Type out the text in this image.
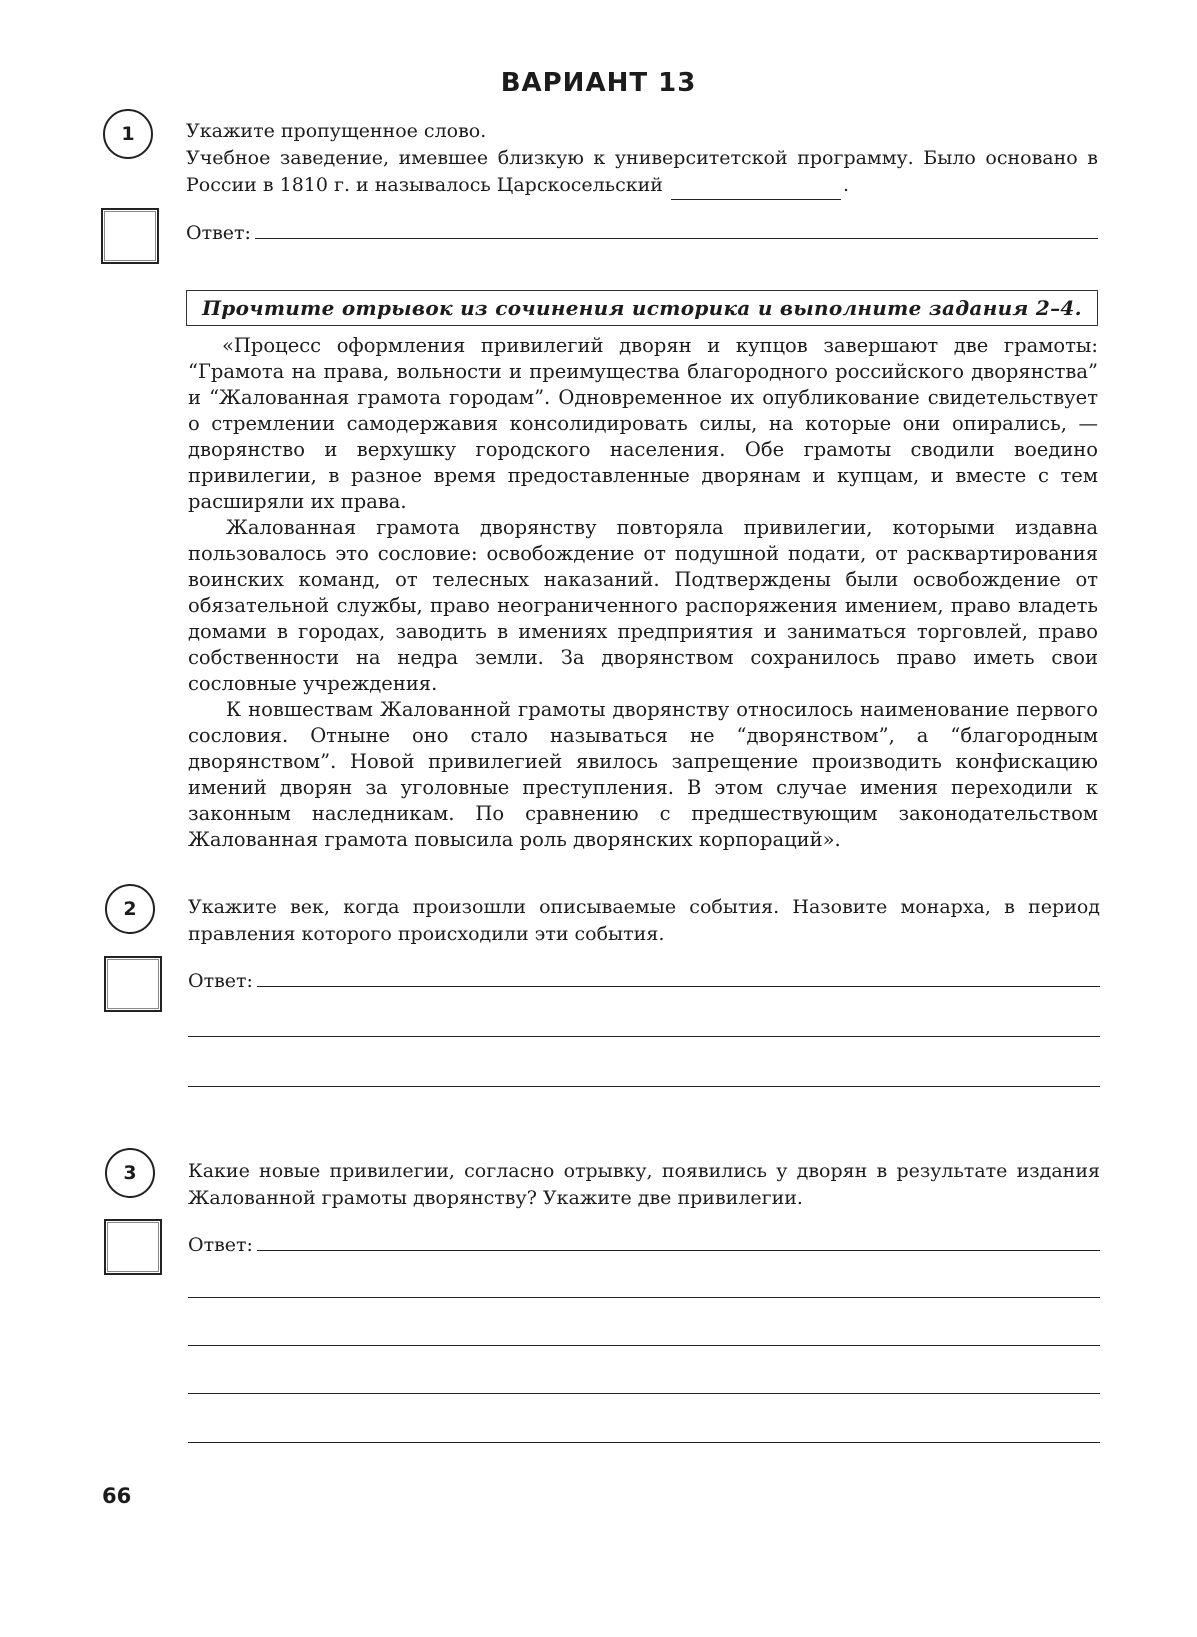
ВАРИАНТ 13
1	Укажите пропущенное слово.
Учебное заведение, имевшее близкую к университетской программу. Было основано в России в 1810 г. и называлось Царскосельский	.
Ответ:
Прочтите отрывок из сочинения историка и выполните задания 2–4.

«Процесс оформления привилегий дворян и купцов завершают две грамоты: “Грамота на права, вольности и преимущества благородного российского дворянства” и “Жалованная грамота городам”. Одновременное их опубликование свидетельствует о стремлении самодержавия консолидировать силы, на которые они опирались, — дворянство и верхушку городского населения. Обе грамоты сводили воедино привилегии, в разное время предоставленные дворянам и купцам, и вместе с тем расширяли их права.

Жалованная грамота дворянству повторяла привилегии, которыми издавна пользовалось это сословие: освобождение от подушной подати, от расквартирования воинских команд, от телесных наказаний. Подтверждены были освобождение от обязательной службы, право неограниченного распоряжения имением, право владеть домами в городах, заводить в имениях предприятия и заниматься торговлей, право собственности на недра земли. За дворянством сохранилось право иметь свои сословные учреждения.

К новшествам Жалованной грамоты дворянству относилось наименование первого сословия. Отныне оно стало называться не “дворянством”, а “благородным дворянством”. Новой привилегией явилось запрещение производить конфискацию имений дворян за уголовные преступления. В этом случае имения переходили к законным наследникам. По сравнению с предшествующим законодательством Жалованная грамота повысила роль дворянских корпораций».

2	Укажите век, когда произошли описываемые события. Назовите монарха, в период правления которого происходили эти события.
Ответ:
3	Какие новые привилегии, согласно отрывку, появились у дворян в результате издания Жалованной грамоты дворянству? Укажите две привилегии.
Ответ:
66
